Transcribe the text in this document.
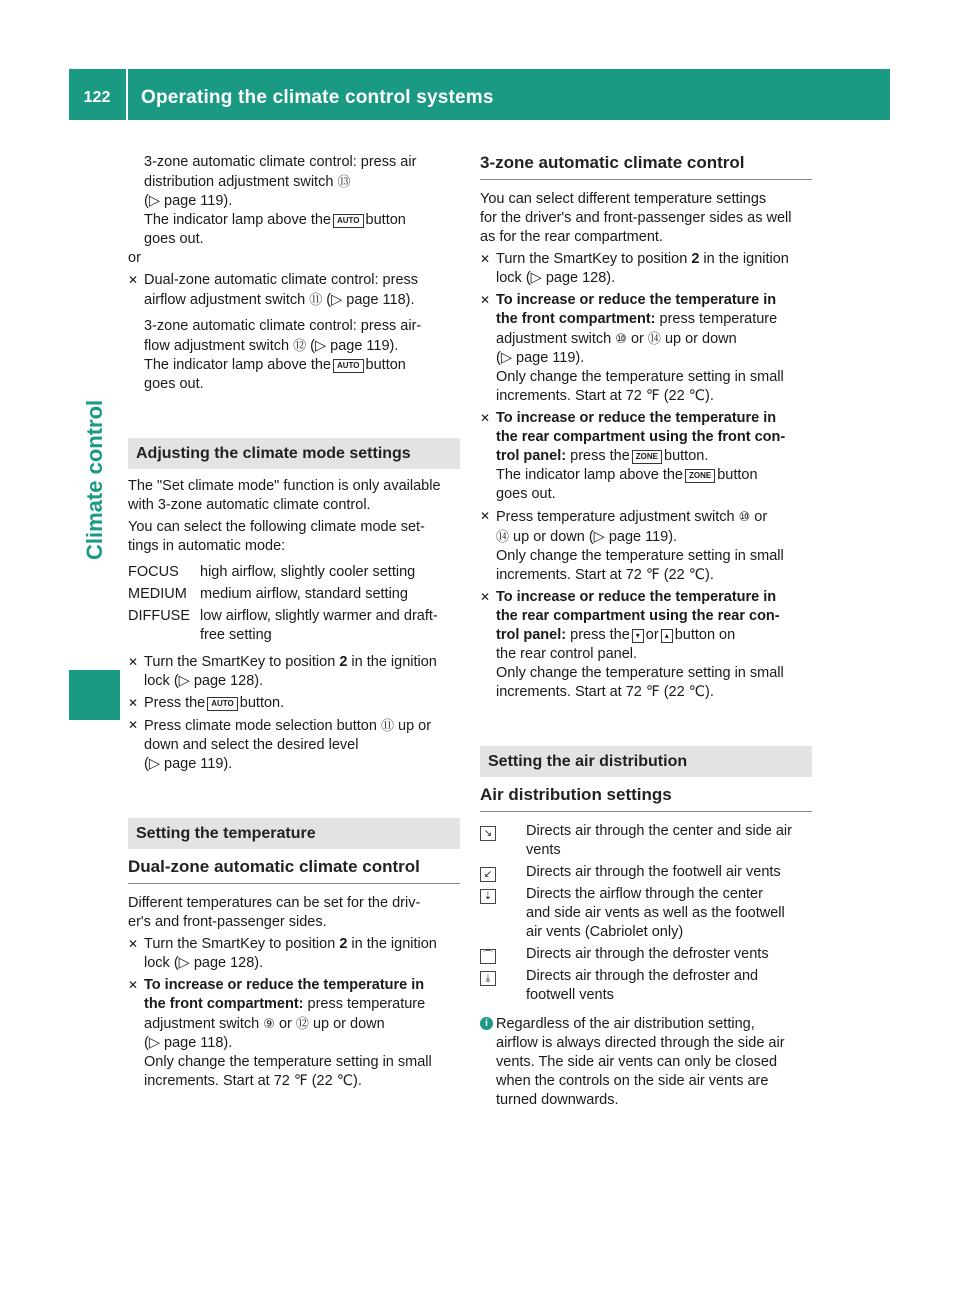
122	Operating the climate control systems
Climate control

3-zone automatic climate control: press air

distribution adjustment switch ⑬

(▷ page 119).

The indicator lamp above the AUTO button

goes out.

or

✕ Dual-zone automatic climate control: press

airflow adjustment switch ⑪ (▷ page 118).

3-zone automatic climate control: press air-

flow adjustment switch ⑫ (▷ page 119).

The indicator lamp above the AUTO button

goes out.

Adjusting the climate mode settings

The "Set climate mode" function is only available

with 3-zone automatic climate control.

You can select the following climate mode set-

tings in automatic mode:

FOCUS	high airflow, slightly cooler setting

MEDIUM medium airflow, standard setting

DIFFUSE low airflow, slightly warmer and draft-

free setting

✕ Turn the SmartKey to position 2 in the ignition

lock (▷ page 128).

✕ Press the AUTO button.

✕ Press climate mode selection button ⑪ up or

down and select the desired level

(▷ page 119).

Setting the temperature
Dual-zone automatic climate control

Different temperatures can be set for the driv-

er's and front-passenger sides.

✕ Turn the SmartKey to position 2 in the ignition

lock (▷ page 128).

✕ To increase or reduce the temperature in

the front compartment: press temperature

adjustment switch ⑨ or ⑫ up or down

(▷ page 118).

Only change the temperature setting in small

increments. Start at 72 ℉ (22 ℃).

3-zone automatic climate control

You can select different temperature settings

for the driver's and front-passenger sides as well

as for the rear compartment.

✕ Turn the SmartKey to position 2 in the ignition

lock (▷ page 128).

✕ To increase or reduce the temperature in

the front compartment: press temperature

adjustment switch ⑩ or ⑭ up or down

(▷ page 119).

Only change the temperature setting in small

increments. Start at 72 ℉ (22 ℃).

✕ To increase or reduce the temperature in

the rear compartment using the front con-

trol panel: press the ZONE button.

The indicator lamp above the ZONE button

goes out.

✕ Press temperature adjustment switch ⑩ or

⑭ up or down (▷ page 119).

Only change the temperature setting in small

increments. Start at 72 ℉ (22 ℃).

✕ To increase or reduce the temperature in

the rear compartment using the rear con-

trol panel: press the ▾ or ▴ button on

the rear control panel.

Only change the temperature setting in small

increments. Start at 72 ℉ (22 ℃).

Setting the air distribution
Air distribution settings
↘	Directs air through the center and side air

vents

↙	Directs air through the footwell air vents

⇣	Directs the airflow through the center

and side air vents as well as the footwell

air vents (Cabriolet only)

⌒	Directs air through the defroster vents

⤓	Directs air through the defroster and

footwell vents

i Regardless of the air distribution setting,

airflow is always directed through the side air

vents. The side air vents can only be closed

when the controls on the side air vents are

turned downwards.
